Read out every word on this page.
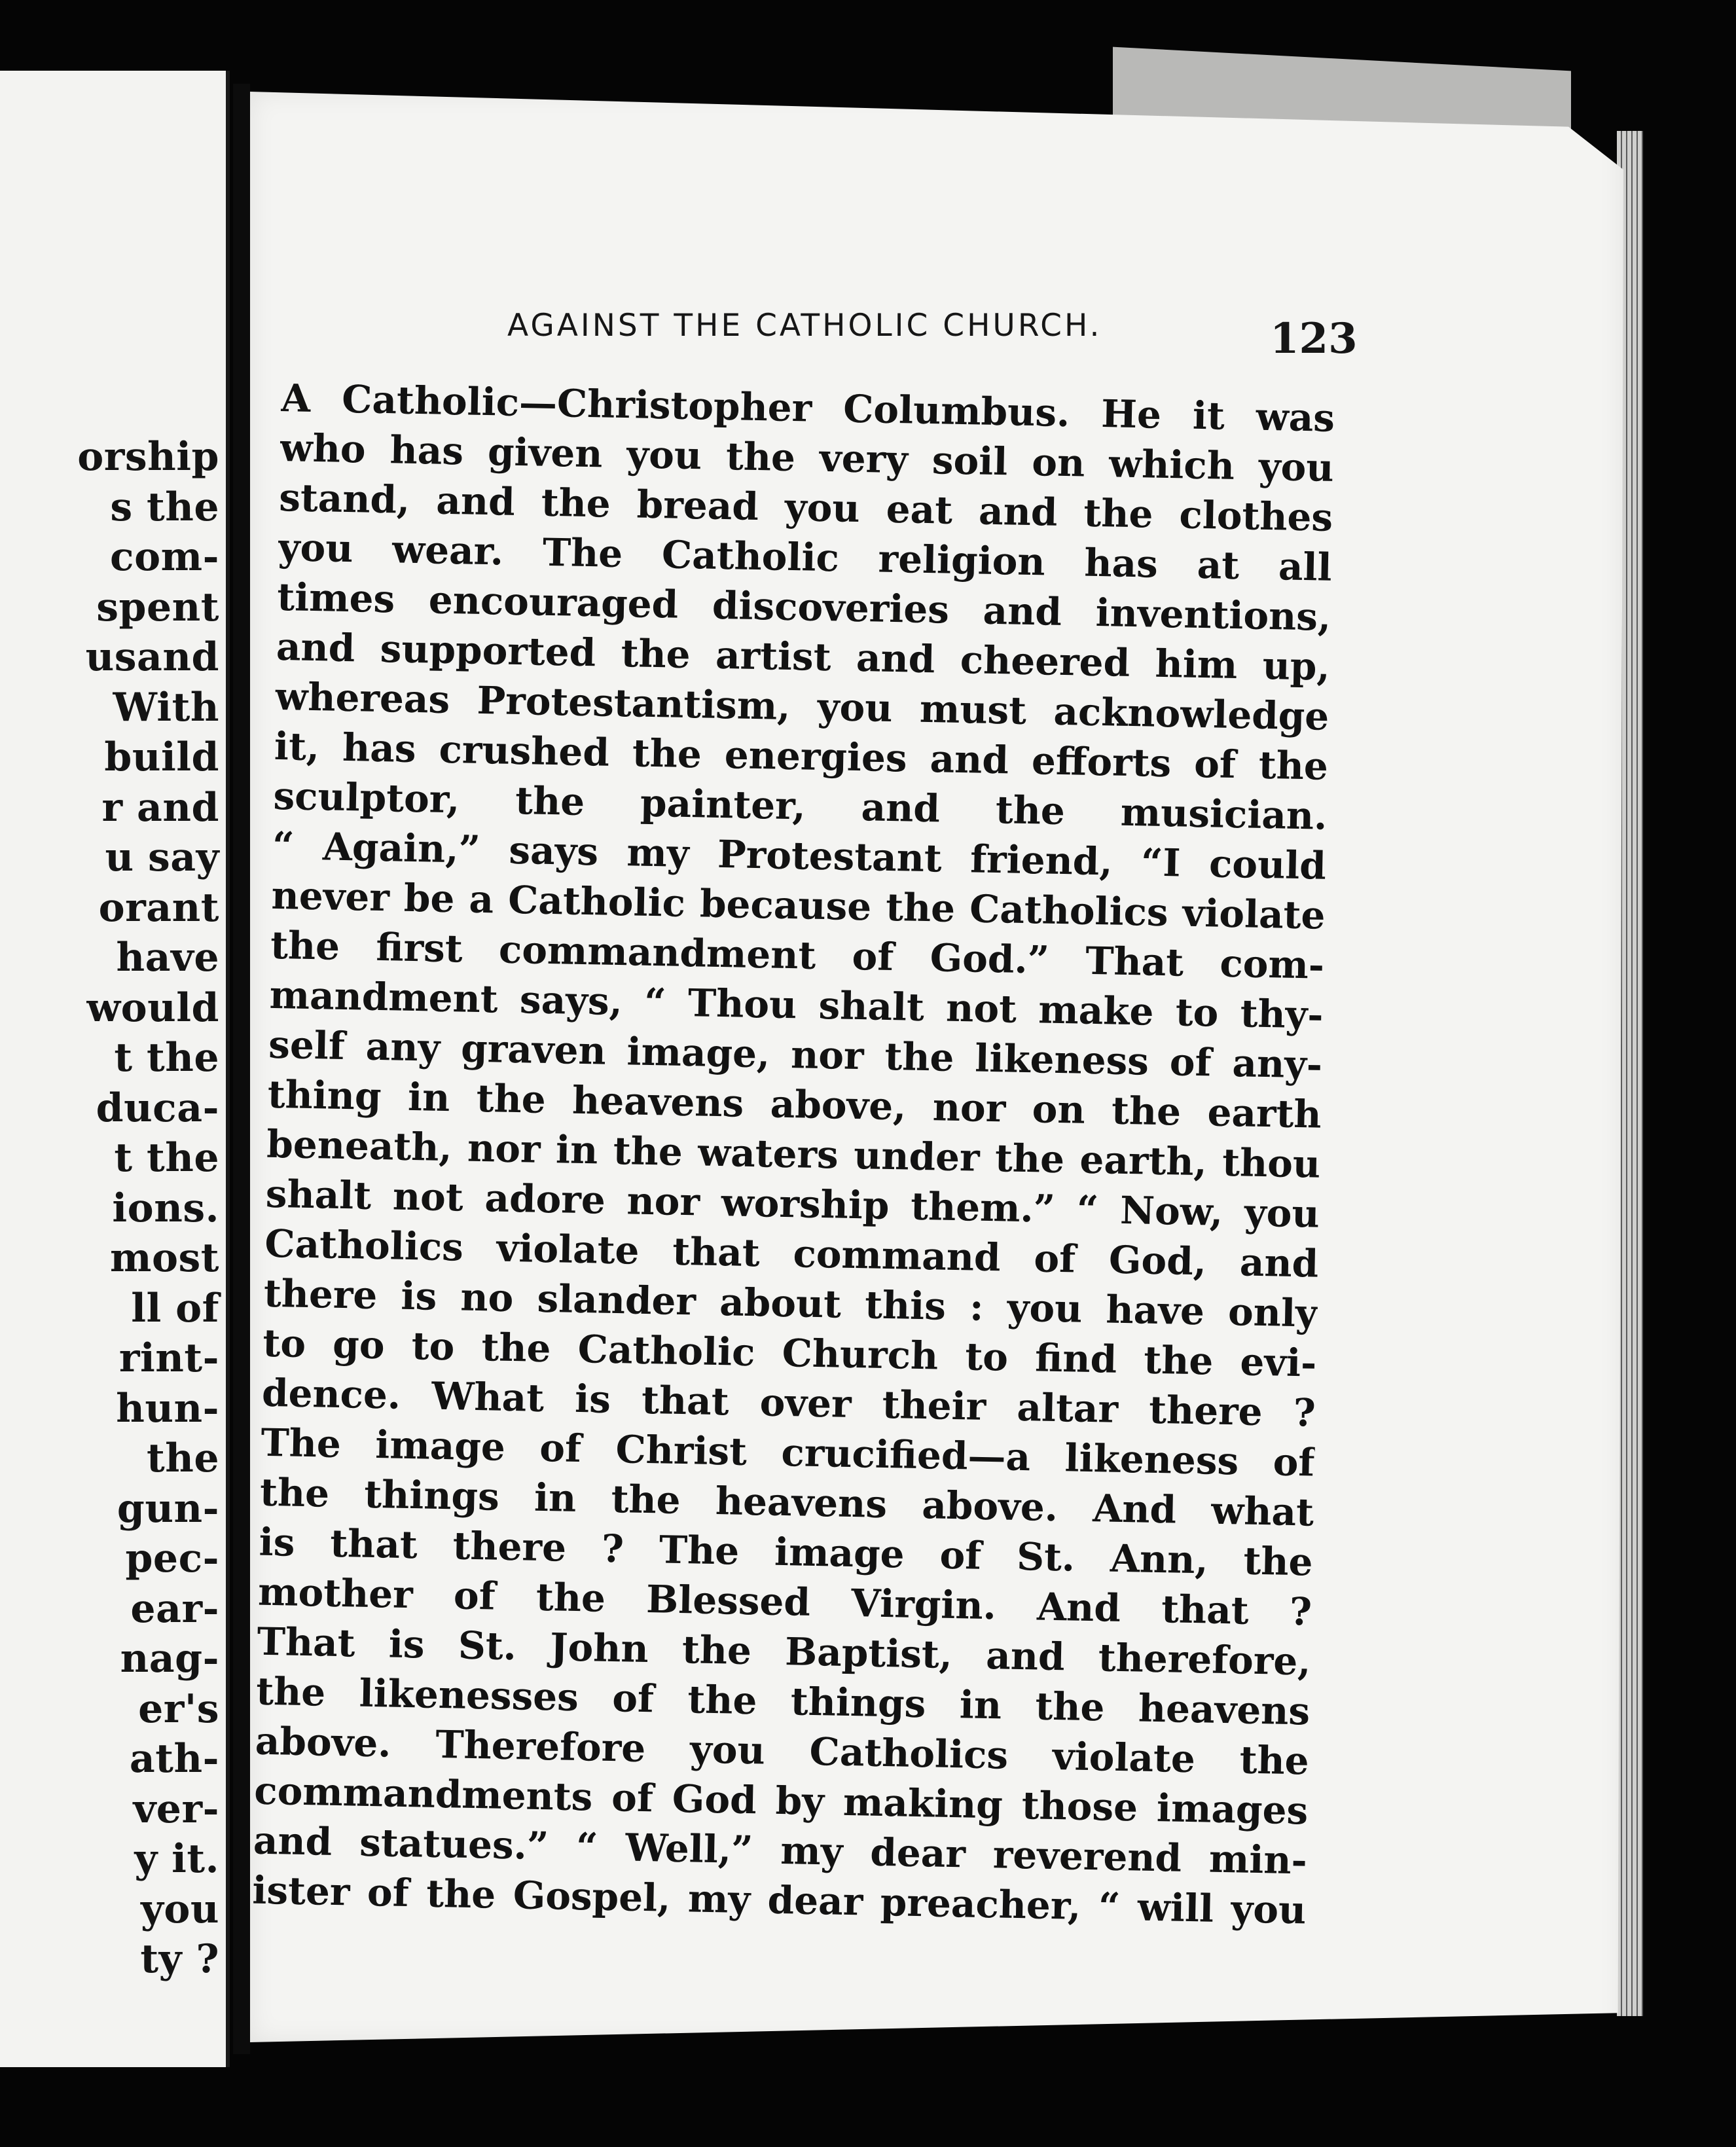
orship
s the
com-
spent
usand
With
build
r and
u say
orant
have
would
t the
duca-
t the
ions.
most
ll of
rint-
hun-
the
gun-
pec-
ear-
nag-
er's
ath-
ver-
y it.
you
ty ?
AGAINST THE CATHOLIC CHURCH.	123
A Catholic—Christopher Columbus. He it was
who has given you the very soil on which you
stand, and the bread you eat and the clothes
you wear. The Catholic religion has at all
times encouraged discoveries and inventions,
and supported the artist and cheered him up,
whereas Protestantism, you must acknowledge
it, has crushed the energies and efforts of the
sculptor, the painter, and the musician.
“ Again,” says my Protestant friend, “I could
never be a Catholic because the Catholics violate
the first commandment of God.” That com-
mandment says, “ Thou shalt not make to thy-
self any graven image, nor the likeness of any-
thing in the heavens above, nor on the earth
beneath, nor in the waters under the earth, thou
shalt not adore nor worship them.” “ Now, you
Catholics violate that command of God, and
there is no slander about this : you have only
to go to the Catholic Church to find the evi-
dence. What is that over their altar there ?
The image of Christ crucified—a likeness of
the things in the heavens above. And what
is that there ? The image of St. Ann, the
mother of the Blessed Virgin. And that ?
That is St. John the Baptist, and therefore,
the likenesses of the things in the heavens
above. Therefore you Catholics violate the
commandments of God by making those images
and statues.” “ Well,” my dear reverend min-
ister of the Gospel, my dear preacher, “ will you
